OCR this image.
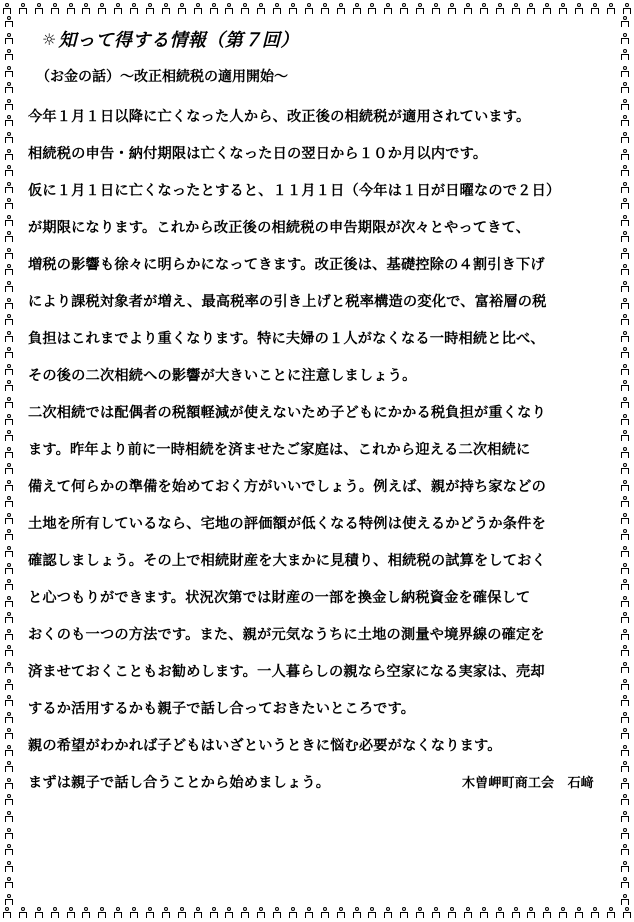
☼ 知って得する情報（第７回）
（お金の話）～改正相続税の適用開始～
今年１月１日以降に亡くなった人から、改正後の相続税が適用されています。
相続税の申告・納付期限は亡くなった日の翌日から１０か月以内です。
仮に１月１日に亡くなったとすると、１１月１日（今年は１日が日曜なので２日）
が期限になります。これから改正後の相続税の申告期限が次々とやってきて、
増税の影響も徐々に明らかになってきます。改正後は、基礎控除の４割引き下げ
により課税対象者が増え、最高税率の引き上げと税率構造の変化で、富裕層の税
負担はこれまでより重くなります。特に夫婦の１人がなくなる一時相続と比べ、
その後の二次相続への影響が大きいことに注意しましょう。
二次相続では配偶者の税額軽減が使えないため子どもにかかる税負担が重くなり
ます。昨年より前に一時相続を済ませたご家庭は、これから迎える二次相続に
備えて何らかの準備を始めておく方がいいでしょう。例えば、親が持ち家などの
土地を所有しているなら、宅地の評価額が低くなる特例は使えるかどうか条件を
確認しましょう。その上で相続財産を大まかに見積り、相続税の試算をしておく
と心つもりができます。状況次第では財産の一部を換金し納税資金を確保して
おくのも一つの方法です。また、親が元気なうちに土地の測量や境界線の確定を
済ませておくこともお勧めします。一人暮らしの親なら空家になる実家は、売却
するか活用するかも親子で話し合っておきたいところです。
親の希望がわかれば子どもはいざというときに悩む必要がなくなります。
まずは親子で話し合うことから始めましょう。	木曽岬町商工会　石﨑
